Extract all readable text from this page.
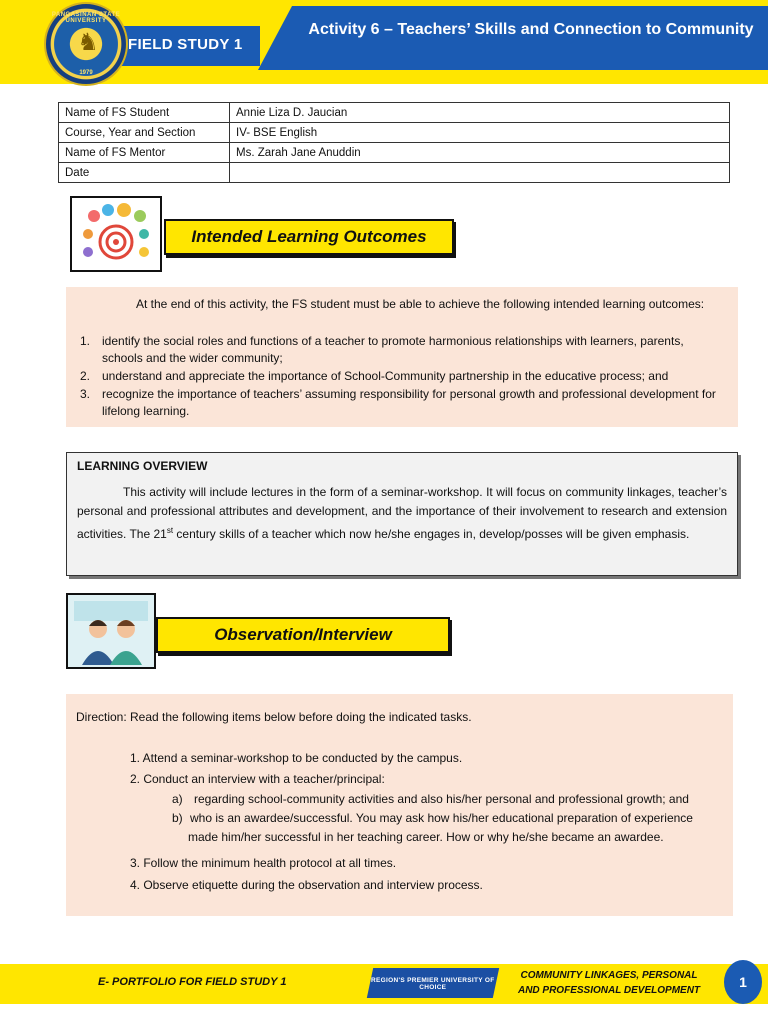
FIELD STUDY 1
Activity 6 – Teachers’ Skills and Connection to Community
PANGASINAN STATE UNIVERSITY
♞
1979
Name of FS Student	Annie Liza D. Jaucian
Course, Year and Section	IV- BSE English
Name of FS Mentor	Ms. Zarah Jane Anuddin
Date	
Intended Learning Outcomes
At the end of this activity, the FS student must be able to achieve the following intended learning outcomes:
1. identify the social roles and functions of a teacher to promote harmonious relationships with learners, parents, schools and the wider community;
2. understand and appreciate the importance of School-Community partnership in the educative process; and
3. recognize the importance of teachers’ assuming responsibility for personal growth and professional development for lifelong learning.
LEARNING OVERVIEW
This activity will include lectures in the form of a seminar-workshop. It will focus on community linkages, teacher’s personal and professional attributes and development, and the importance of their involvement to research and extension activities. The 21st century skills of a teacher which now he/she engages in, develop/posses will be given emphasis.
Observation/Interview
Direction: Read the following items below before doing the indicated tasks.
1. Attend a seminar-workshop to be conducted by the campus.
2. Conduct an interview with a teacher/principal:
a) regarding school-community activities and also his/her personal and professional growth; and
b) who is an awardee/successful. You may ask how his/her educational preparation of experience made him/her successful in her teaching career. How or why he/she became an awardee.
3. Follow the minimum health protocol at all times.
4. Observe etiquette during the observation and interview process.
E- PORTFOLIO FOR FIELD STUDY 1	REGION'S PREMIER UNIVERSITY OF CHOICE
COMMUNITY LINKAGES, PERSONAL
AND PROFESSIONAL DEVELOPMENT
1
